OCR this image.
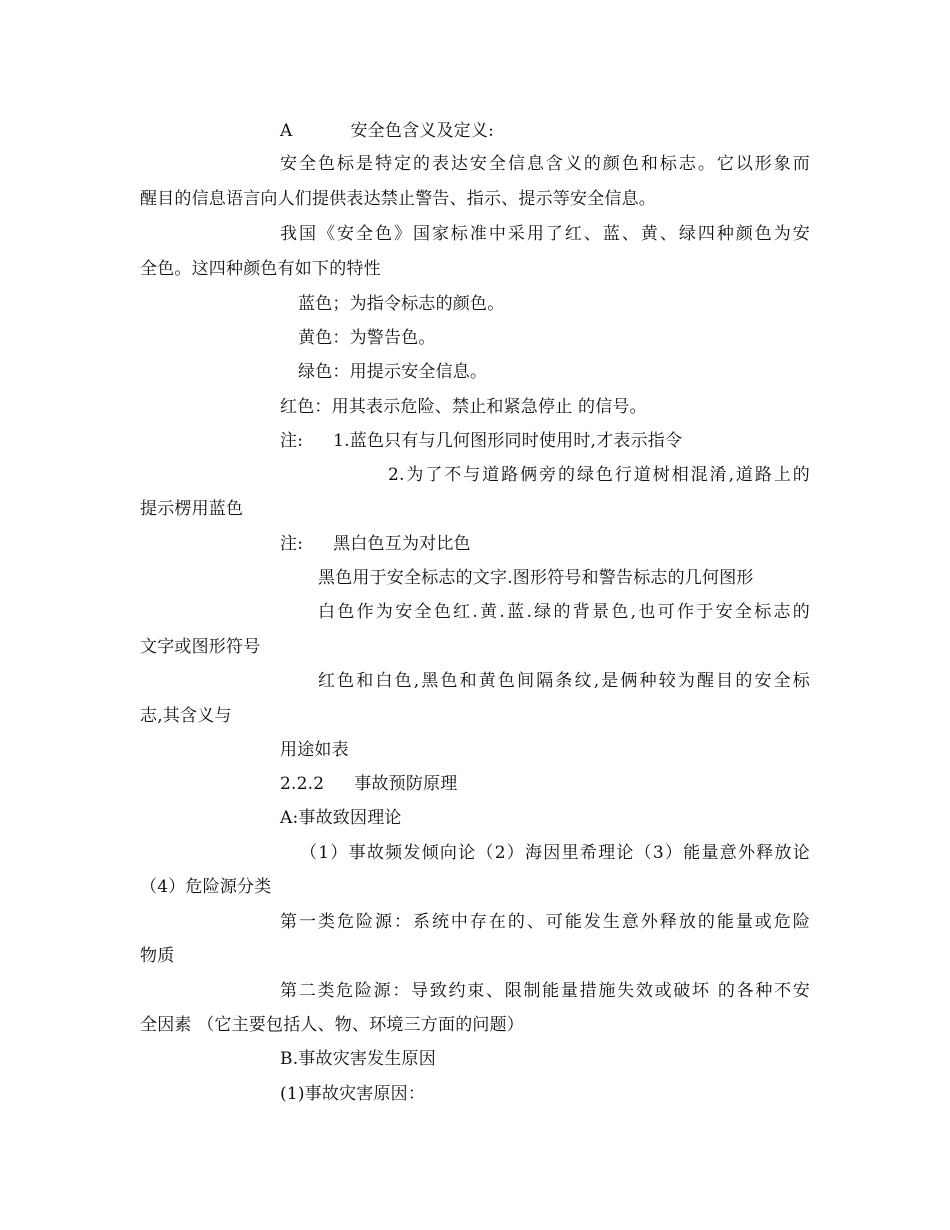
A	安全色含义及定义:
安全色标是特定的表达安全信息含义的颜色和标志。它以形象而
醒目的信息语言向人们提供表达禁止警告、指示、提示等安全信息。
我国《安全色》国家标准中采用了红、蓝、黄、绿四种颜色为安
全色。这四种颜色有如下的特性
蓝色；为指令标志的颜色。
黄色：为警告色。
绿色：用提示安全信息。
红色：用其表示危险、禁止和紧急停止 的信号。
注: 1.蓝色只有与几何图形同时使用时,才表示指令
2.为了不与道路俩旁的绿色行道树相混淆,道路上的
提示楞用蓝色
注: 黑白色互为对比色
黑色用于安全标志的文字.图形符号和警告标志的几何图形
白色作为安全色红.黄.蓝.绿的背景色,也可作于安全标志的
文字或图形符号
红色和白色,黑色和黄色间隔条纹,是俩种较为醒目的安全标
志,其含义与
用途如表
2.2.2 事故预防原理
A:事故致因理论
（1）事故频发倾向论（2）海因里希理论（3）能量意外释放论
（4）危险源分类
第一类危险源：系统中存在的、可能发生意外释放的能量或危险
物质
第二类危险源：导致约束、限制能量措施失效或破坏 的各种不安
全因素 （它主要包括人、物、环境三方面的问题）
B.事故灾害发生原因
(1)事故灾害原因：
